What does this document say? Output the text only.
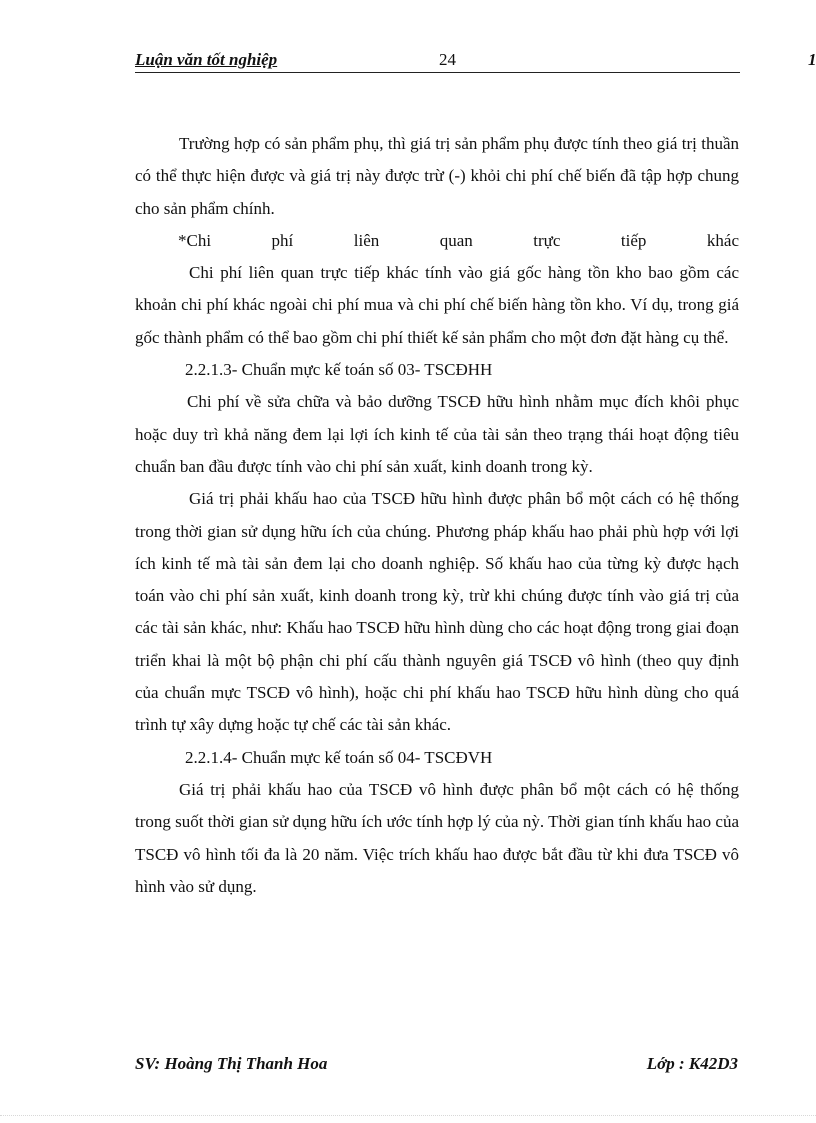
Luận văn tốt nghiệp	24	1

Trường hợp có sản phẩm phụ, thì giá trị sản phẩm phụ được tính theo giá trị thuần có thể thực hiện được và giá trị này được trừ (-) khỏi chi phí chế biến đã tập hợp chung cho sản phẩm chính.

*Chi	phí	liên	quan	trực	tiếp	khác

Chi phí liên quan trực tiếp khác tính vào giá gốc hàng tồn kho bao gồm các khoản chi phí khác ngoài chi phí mua và chi phí chế biến hàng tồn kho. Ví dụ, trong giá gốc thành phẩm có thể bao gồm chi phí thiết kế sản phẩm cho một đơn đặt hàng cụ thể.

2.2.1.3- Chuẩn mực kế toán số 03- TSCĐHH

Chi phí về sửa chữa và bảo dưỡng TSCĐ hữu hình nhằm mục đích khôi phục hoặc duy trì khả năng đem lại lợi ích kinh tế của tài sản theo trạng thái hoạt động tiêu chuẩn ban đầu được tính vào chi phí sản xuất, kinh doanh trong kỳ.

Giá trị phải khấu hao của TSCĐ hữu hình được phân bổ một cách có hệ thống trong thời gian sử dụng hữu ích của chúng. Phương pháp khấu hao phải phù hợp với lợi ích kinh tế mà tài sản đem lại cho doanh nghiệp. Số khấu hao của từng kỳ được hạch toán vào chi phí sản xuất, kinh doanh trong kỳ, trừ khi chúng được tính vào giá trị của các tài sản khác, như: Khấu hao TSCĐ hữu hình dùng cho các hoạt động trong giai đoạn triển khai là một bộ phận chi phí cấu thành nguyên giá TSCĐ vô hình (theo quy định của chuẩn mực TSCĐ vô hình), hoặc chi phí khấu hao TSCĐ hữu hình dùng cho quá trình tự xây dựng hoặc tự chế các tài sản khác.

2.2.1.4- Chuẩn mực kế toán số 04- TSCĐVH

Giá trị phải khấu hao của TSCĐ vô hình được phân bổ một cách có hệ thống trong suốt thời gian sử dụng hữu ích ước tính hợp lý của nỳ. Thời gian tính khấu hao của TSCĐ vô hình tối đa là 20 năm. Việc trích khấu hao được bắt đầu từ khi đưa TSCĐ vô hình vào sử dụng.

SV: Hoàng Thị Thanh Hoa	Lớp : K42D3
